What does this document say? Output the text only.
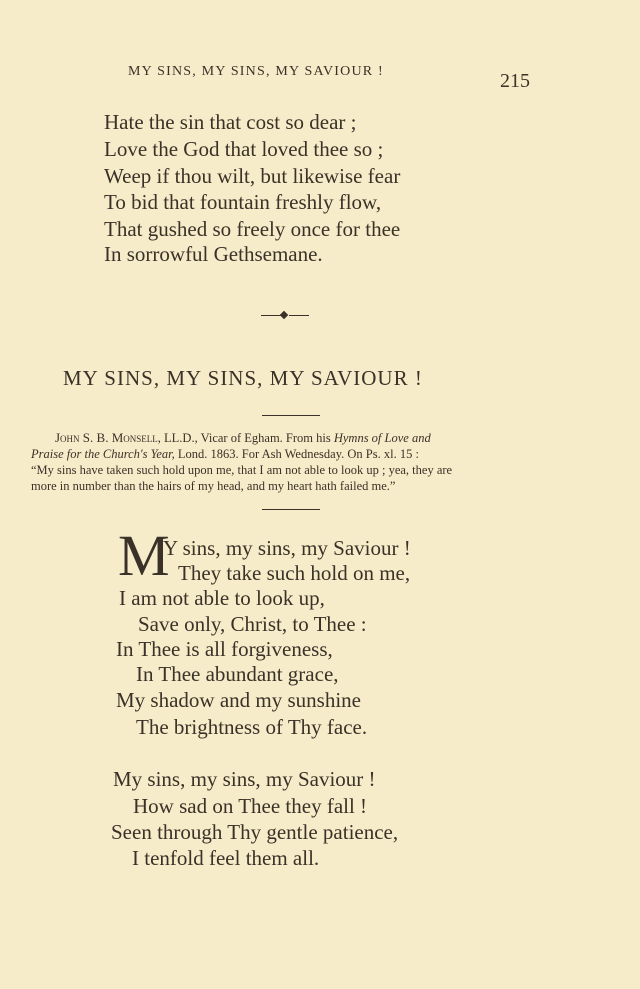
MY SINS, MY SINS, MY SAVIOUR !	215
Hate the sin that cost so dear ;
Love the God that loved thee so ;
Weep if thou wilt, but likewise fear
To bid that fountain freshly flow,
That gushed so freely once for thee
In sorrowful Gethsemane.
MY SINS, MY SINS, MY SAVIOUR !
John S. B. Monsell, LL.D., Vicar of Egham. From his Hymns of Love and
Praise for the Church's Year, Lond. 1863. For Ash Wednesday. On Ps. xl. 15 :
“My sins have taken such hold upon me, that I am not able to look up ; yea, they are
more in number than the hairs of my head, and my heart hath failed me.”
M
Y sins, my sins, my Saviour !
They take such hold on me,
I am not able to look up,
Save only, Christ, to Thee :
In Thee is all forgiveness,
In Thee abundant grace,
My shadow and my sunshine
The brightness of Thy face.
My sins, my sins, my Saviour !
How sad on Thee they fall !
Seen through Thy gentle patience,
I tenfold feel them all.
